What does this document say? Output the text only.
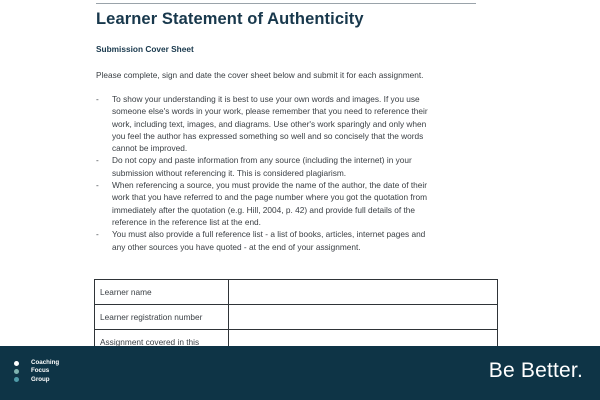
Learner Statement of Authenticity
Submission Cover Sheet
Please complete, sign and date the cover sheet below and submit it for each assignment.
- To show your understanding it is best to use your own words and images. If you use
someone else's words in your work, please remember that you need to reference their
work, including text, images, and diagrams. Use other's work sparingly and only when
you feel the author has expressed something so well and so concisely that the words
cannot be improved.
- Do not copy and paste information from any source (including the internet) in your
submission without referencing it. This is considered plagiarism.
- When referencing a source, you must provide the name of the author, the date of their
work that you have referred to and the page number where you got the quotation from
immediately after the quotation (e.g. Hill, 2004, p. 42) and provide full details of the
reference in the reference list at the end.
- You must also provide a full reference list - a list of books, articles, internet pages and
any other sources you have quoted - at the end of your assignment.
Learner name	
Learner registration number	
Assignment covered in this	
Coaching
Focus
Group	Be Better.
